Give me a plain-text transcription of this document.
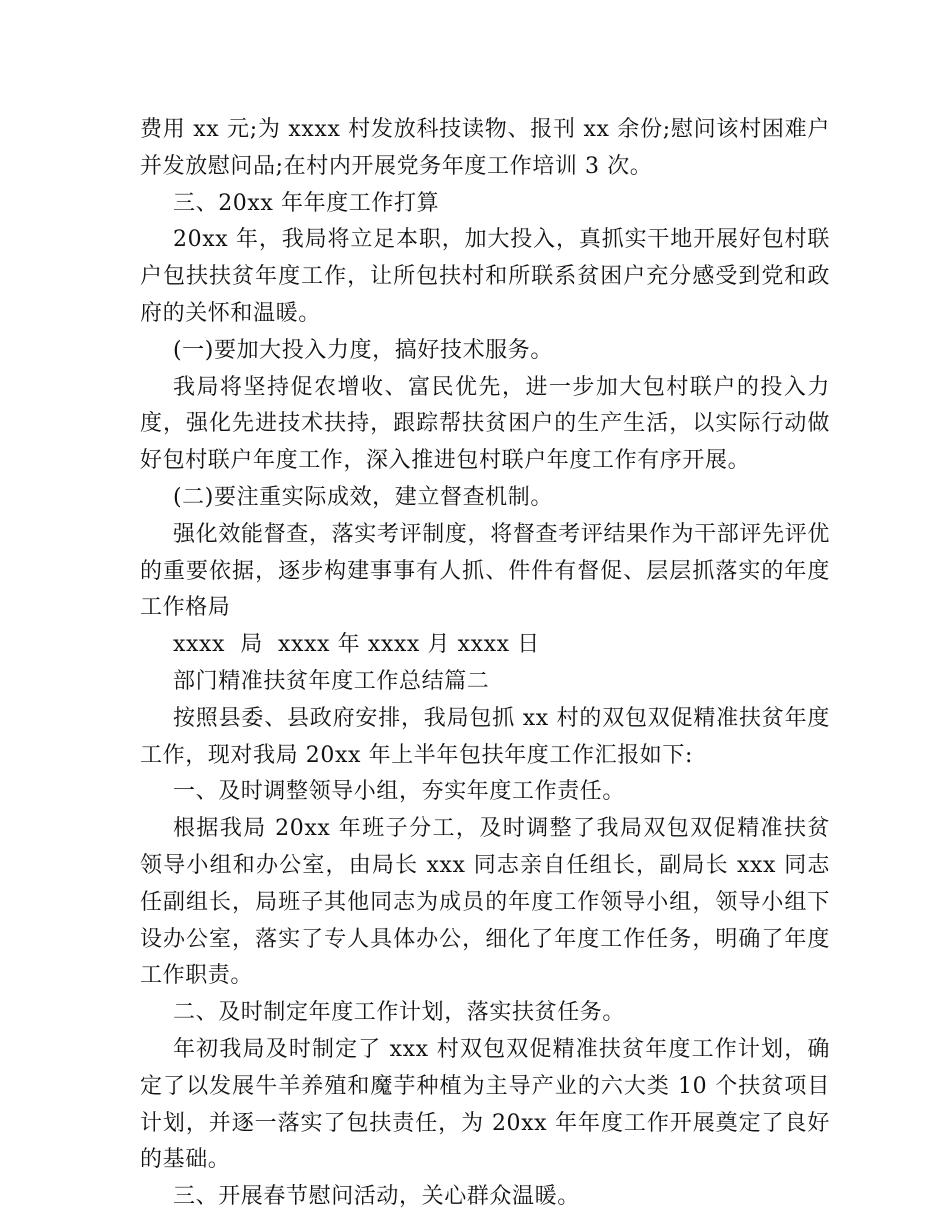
费用 xx 元;为 xxxx 村发放科技读物、报刊 xx 余份;慰问该村困难户并发放慰问品;在村内开展党务年度工作培训 3 次。

三、20xx 年年度工作打算

20xx 年，我局将立足本职，加大投入，真抓实干地开展好包村联户包扶扶贫年度工作，让所包扶村和所联系贫困户充分感受到党和政府的关怀和温暖。

(一)要加大投入力度，搞好技术服务。

我局将坚持促农增收、富民优先，进一步加大包村联户的投入力度，强化先进技术扶持，跟踪帮扶贫困户的生产生活，以实际行动做好包村联户年度工作，深入推进包村联户年度工作有序开展。

(二)要注重实际成效，建立督查机制。

强化效能督查，落实考评制度，将督查考评结果作为干部评先评优的重要依据，逐步构建事事有人抓、件件有督促、层层抓落实的年度工作格局

xxxx  局  xxxx 年 xxxx 月 xxxx 日

部门精准扶贫年度工作总结篇二

按照县委、县政府安排，我局包抓 xx 村的双包双促精准扶贫年度工作，现对我局 20xx 年上半年包扶年度工作汇报如下:

一、及时调整领导小组，夯实年度工作责任。

根据我局 20xx 年班子分工，及时调整了我局双包双促精准扶贫领导小组和办公室，由局长 xxx 同志亲自任组长，副局长 xxx 同志任副组长，局班子其他同志为成员的年度工作领导小组，领导小组下设办公室，落实了专人具体办公，细化了年度工作任务，明确了年度工作职责。

二、及时制定年度工作计划，落实扶贫任务。

年初我局及时制定了 xxx 村双包双促精准扶贫年度工作计划，确定了以发展牛羊养殖和魔芋种植为主导产业的六大类 10 个扶贫项目计划，并逐一落实了包扶责任，为 20xx 年年度工作开展奠定了良好的基础。

三、开展春节慰问活动，关心群众温暖。
